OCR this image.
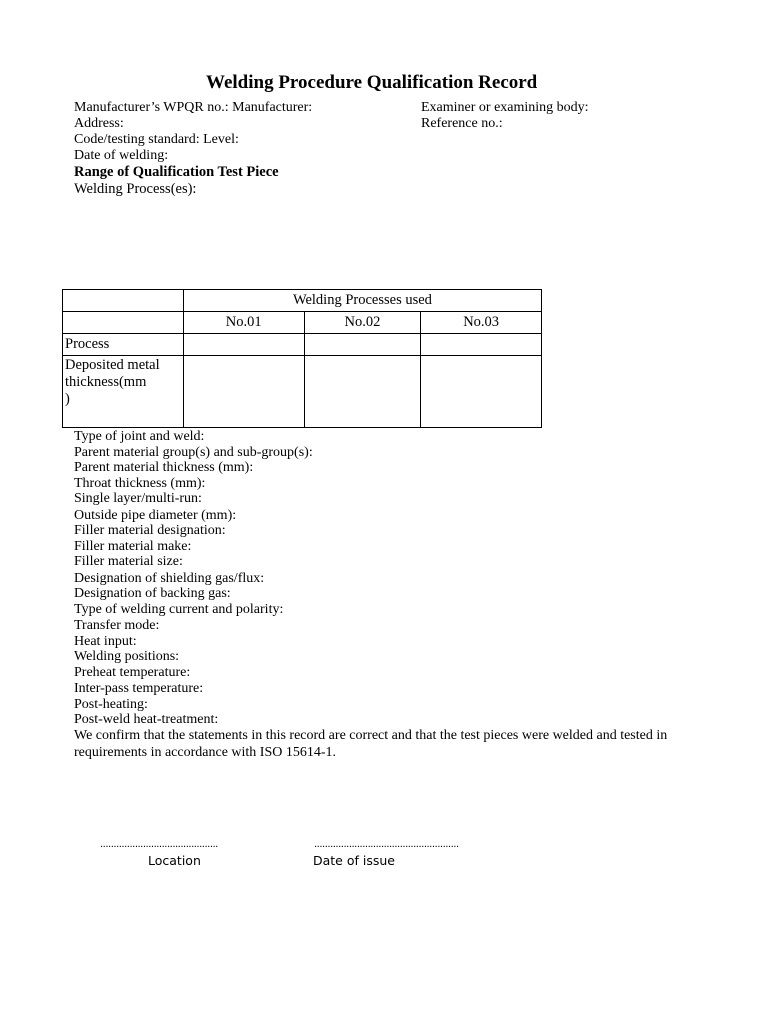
Welding Procedure Qualification Record
Manufacturer’s WPQR no.: Manufacturer:
Address:
Code/testing standard: Level:
Date of welding:
Examiner or examining body:
Reference no.:
Range of Qualification Test Piece
Welding Process(es):
	Welding Processes used		
	No.01	No.02	No.03
Process			
Deposited metal
thickness(mm
)			
Type of joint and weld:
Parent material group(s) and sub-group(s):
Parent material thickness (mm):
Throat thickness (mm):
Single layer/multi-run:
Outside pipe diameter (mm):
Filler material designation:
Filler material make:
Filler material size:
Designation of shielding gas/flux:
Designation of backing gas:
Type of welding current and polarity:
Transfer mode:
Heat input:
Welding positions:
Preheat temperature:
Inter-pass temperature:
Post-heating:
Post-weld heat-treatment:
We confirm that the statements in this record are correct and that the test pieces were welded and tested in
requirements in accordance with ISO 15614-1.
............................................
Location
......................................................
Date of issue
